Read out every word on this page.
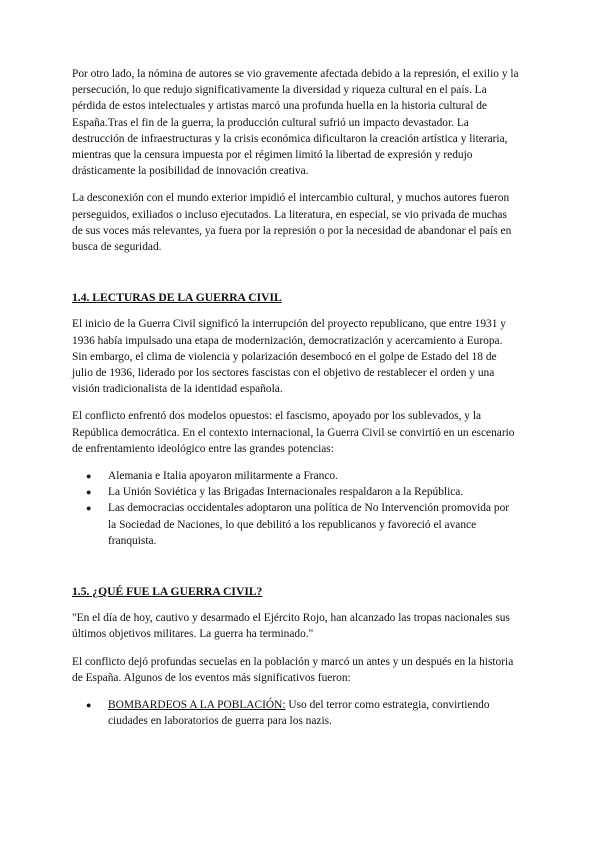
Por otro lado, la nómina de autores se vio gravemente afectada debido a la represión, el exilio y la persecución, lo que redujo significativamente la diversidad y riqueza cultural en el país. La pérdida de estos intelectuales y artistas marcó una profunda huella en la historia cultural de España.Tras el fin de la guerra, la producción cultural sufrió un impacto devastador. La destrucción de infraestructuras y la crisis económica dificultaron la creación artística y literaria, mientras que la censura impuesta por el régimen limitó la libertad de expresión y redujo drásticamente la posibilidad de innovación creativa.

La desconexión con el mundo exterior impidió el intercambio cultural, y muchos autores fueron perseguidos, exiliados o incluso ejecutados. La literatura, en especial, se vio privada de muchas de sus voces más relevantes, ya fuera por la represión o por la necesidad de abandonar el país en busca de seguridad.

1.4. LECTURAS DE LA GUERRA CIVIL

El inicio de la Guerra Civil significó la interrupción del proyecto republicano, que entre 1931 y 1936 había impulsado una etapa de modernización, democratización y acercamiento a Europa. Sin embargo, el clima de violencia y polarización desembocó en el golpe de Estado del 18 de julio de 1936, liderado por los sectores fascistas con el objetivo de restablecer el orden y una visión tradicionalista de la identidad española.

El conflicto enfrentó dos modelos opuestos: el fascismo, apoyado por los sublevados, y la República democrática. En el contexto internacional, la Guerra Civil se convirtió en un escenario de enfrentamiento ideológico entre las grandes potencias:

● Alemania e Italia apoyaron militarmente a Franco.
● La Unión Soviética y las Brigadas Internacionales respaldaron a la República.
● Las democracias occidentales adoptaron una política de No Intervención promovida por la Sociedad de Naciones, lo que debilitó a los republicanos y favoreció el avance franquista.
1.5. ¿QUÉ FUE LA GUERRA CIVIL?

"En el día de hoy, cautivo y desarmado el Ejército Rojo, han alcanzado las tropas nacionales sus últimos objetivos militares. La guerra ha terminado."

El conflicto dejó profundas secuelas en la población y marcó un antes y un después en la historia de España. Algunos de los eventos más significativos fueron:

● BOMBARDEOS A LA POBLACIÓN: Uso del terror como estrategia, convirtiendo ciudades en laboratorios de guerra para los nazis.
